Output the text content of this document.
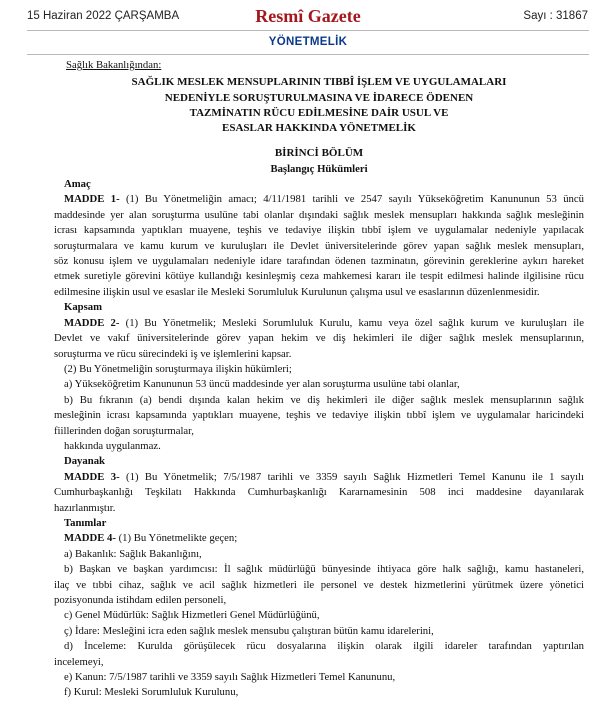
15 Haziran 2022 ÇARŞAMBA	Resmî Gazete	Sayı : 31867
YÖNETMELİK

Sağlık Bakanlığından:

SAĞLIK MESLEK MENSUPLARININ TIBBÎ İŞLEM VE UYGULAMALARI
NEDENİYLE SORUŞTURULMASINA VE İDARECE ÖDENEN
TAZMİNATIN RÜCU EDİLMESİNE DAİR USUL VE
ESASLAR HAKKINDA YÖNETMELİK
BİRİNCİ BÖLÜM
Başlangıç Hükümleri

Amaç

MADDE 1- (1) Bu Yönetmeliğin amacı; 4/11/1981 tarihli ve 2547 sayılı Yükseköğretim Kanununun 53 üncü

maddesinde yer alan soruşturma usulüne tabi olanlar dışındaki sağlık meslek mensupları hakkında sağlık mesleğinin

icrası kapsamında yaptıkları muayene, teşhis ve tedaviye ilişkin tıbbî işlem ve uygulamalar nedeniyle yapılacak

soruşturmalara ve kamu kurum ve kuruluşları ile Devlet üniversitelerinde görev yapan sağlık meslek mensupları,

söz konusu işlem ve uygulamaları nedeniyle idare tarafından ödenen tazminatın, görevinin gereklerine aykırı hareket

etmek suretiyle görevini kötüye kullandığı kesinleşmiş ceza mahkemesi kararı ile tespit edilmesi halinde ilgilisine rücu

edilmesine ilişkin usul ve esaslar ile Mesleki Sorumluluk Kurulunun çalışma usul ve esaslarının düzenlenmesidir.

Kapsam

MADDE 2- (1) Bu Yönetmelik; Mesleki Sorumluluk Kurulu, kamu veya özel sağlık kurum ve kuruluşları ile

Devlet ve vakıf üniversitelerinde görev yapan hekim ve diş hekimleri ile diğer sağlık meslek mensuplarının,

soruşturma ve rücu sürecindeki iş ve işlemlerini kapsar.

(2) Bu Yönetmeliğin soruşturmaya ilişkin hükümleri;

a) Yükseköğretim Kanununun 53 üncü maddesinde yer alan soruşturma usulüne tabi olanlar,

b) Bu fıkranın (a) bendi dışında kalan hekim ve diş hekimleri ile diğer sağlık meslek mensuplarının sağlık

mesleğinin icrası kapsamında yaptıkları muayene, teşhis ve tedaviye ilişkin tıbbî işlem ve uygulamalar haricindeki

fiillerinden doğan soruşturmalar,

hakkında uygulanmaz.

Dayanak

MADDE 3- (1) Bu Yönetmelik; 7/5/1987 tarihli ve 3359 sayılı Sağlık Hizmetleri Temel Kanunu ile 1 sayılı

Cumhurbaşkanlığı Teşkilatı Hakkında Cumhurbaşkanlığı Kararnamesinin 508 inci maddesine dayanılarak

hazırlanmıştır.

Tanımlar

MADDE 4- (1) Bu Yönetmelikte geçen;

a) Bakanlık: Sağlık Bakanlığını,

b) Başkan ve başkan yardımcısı: İl sağlık müdürlüğü bünyesinde ihtiyaca göre halk sağlığı, kamu hastaneleri,

ilaç ve tıbbi cihaz, sağlık ve acil sağlık hizmetleri ile personel ve destek hizmetlerini yürütmek üzere yönetici

pozisyonunda istihdam edilen personeli,

c) Genel Müdürlük: Sağlık Hizmetleri Genel Müdürlüğünü,

ç) İdare: Mesleğini icra eden sağlık meslek mensubu çalıştıran bütün kamu idarelerini,

d) İnceleme: Kurulda görüşülecek rücu dosyalarına ilişkin olarak ilgili idareler tarafından yaptırılan

incelemeyi,

e) Kanun: 7/5/1987 tarihli ve 3359 sayılı Sağlık Hizmetleri Temel Kanununu,

f) Kurul: Mesleki Sorumluluk Kurulunu,
